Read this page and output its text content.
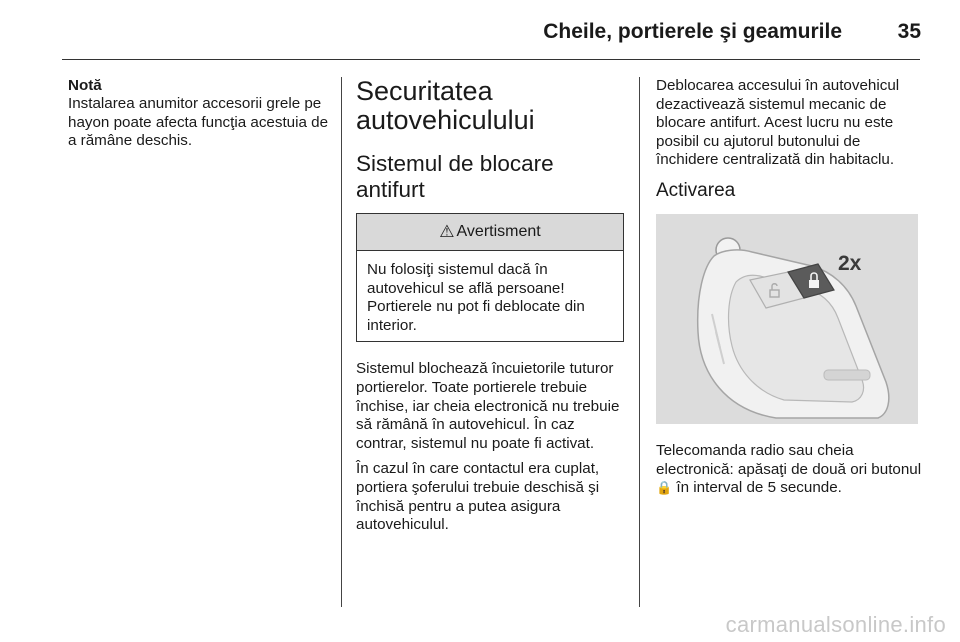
Cheile, portierele şi geamurile	35
Notă

Instalarea anumitor accesorii grele pe hayon poate afecta funcţia acestuia de a rămâne deschis.

Securitatea autovehiculului
Sistemul de blocare antifurt
⚠ Avertisment

Nu folosiţi sistemul dacă în autovehicul se află persoane! Portierele nu pot fi deblocate din interior.

Sistemul blochează încuietorile tuturor portierelor. Toate portierele trebuie închise, iar cheia electronică nu trebuie să rămână în autovehicul. În caz contrar, sistemul nu poate fi activat.

În cazul în care contactul era cuplat, portiera şoferului trebuie deschisă şi închisă pentru a putea asigura autovehiculul.

Deblocarea accesului în autovehicul dezactivează sistemul mecanic de blocare antifurt. Acest lucru nu este posibil cu ajutorul butonului de închidere centralizată din habitaclu.

Activarea
2x

Telecomanda radio sau cheia electronică: apăsaţi de două ori butonul 🔒 în interval de 5 secunde.

carmanualsonline.info
